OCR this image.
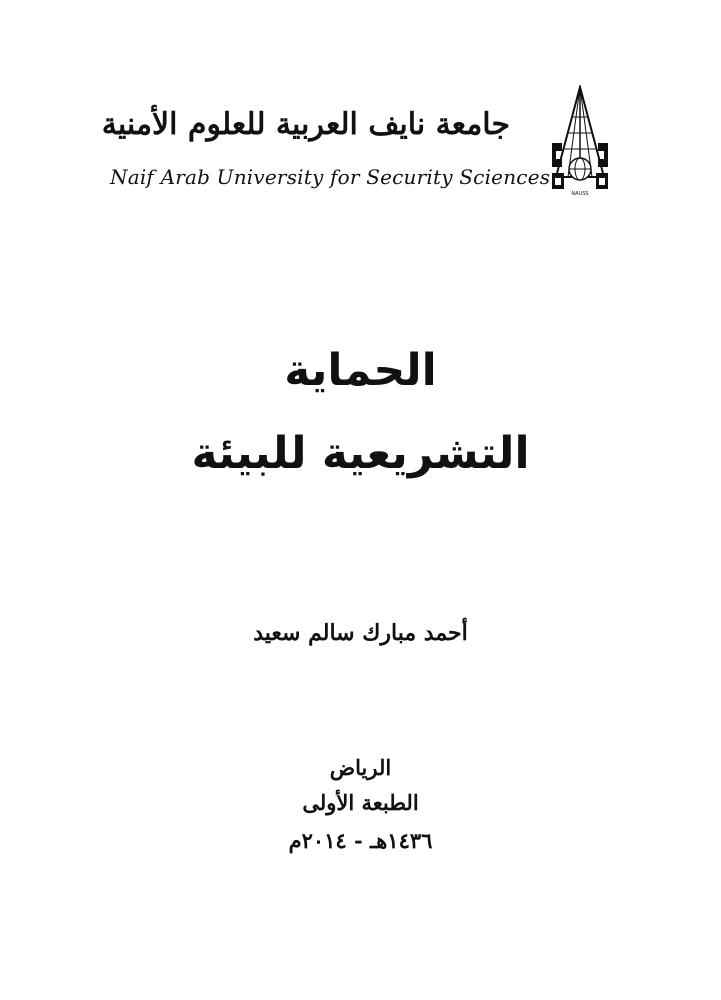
جامعة نايف العربية للعلوم الأمنية
Naif Arab University for Security Sciences
NAUSS
الحماية
التشريعية للبيئة
أحمد مبارك سالم سعيد
الرياض
الطبعة الأولى
١٤٣٦هـ - ٢٠١٤م
